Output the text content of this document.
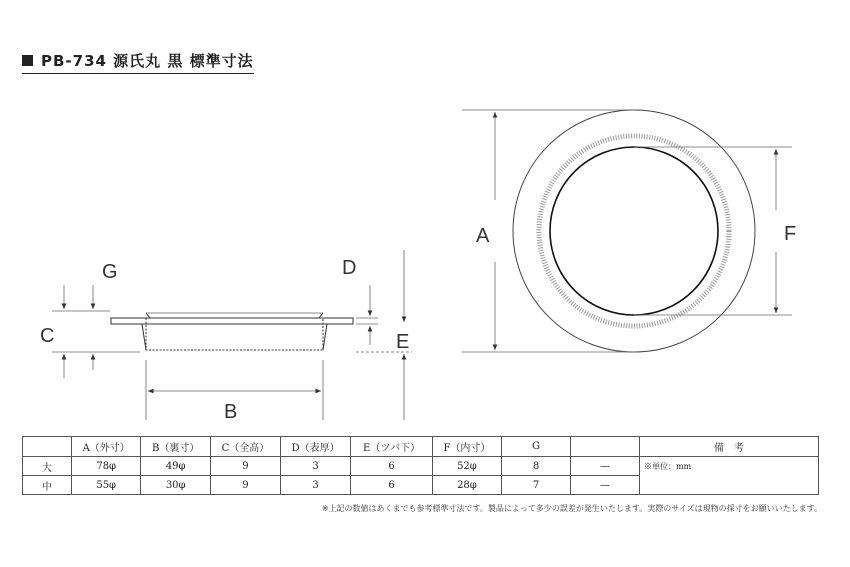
PB-734 源氏丸 黒 標準寸法
C
G
B
D
E
A	F
	A（外寸）	B（裏寸）	C（全高）	D（表厚）	E（ツバ下）	F（内寸）	G		備　考
大	78φ	49φ	9	3	6	52φ	8	—	※単位：mm
中	55φ	30φ	9	3	6	28φ	7	—	
※上記の数値はあくまでも参考標準寸法です。製品によって多少の誤差が発生いたします。実際のサイズは現物の採寸をお願いいたします。
